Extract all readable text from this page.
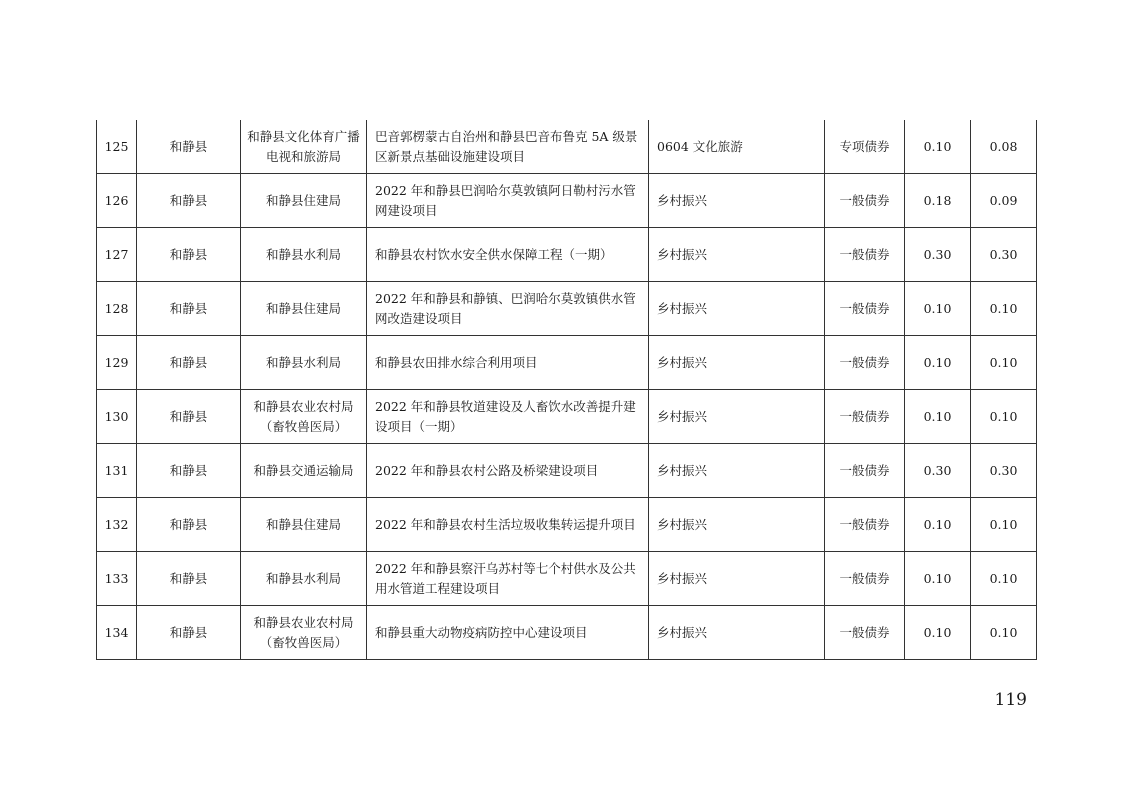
125	和静县	和静县文化体育广播电视和旅游局	巴音郭楞蒙古自治州和静县巴音布鲁克 5A 级景区新景点基础设施建设项目	0604 文化旅游	专项债券	0.10	0.08
126	和静县	和静县住建局	2022 年和静县巴润哈尔莫敦镇阿日勒村污水管网建设项目	乡村振兴	一般债券	0.18	0.09
127	和静县	和静县水利局	和静县农村饮水安全供水保障工程（一期）	乡村振兴	一般债券	0.30	0.30
128	和静县	和静县住建局	2022 年和静县和静镇、巴润哈尔莫敦镇供水管网改造建设项目	乡村振兴	一般债券	0.10	0.10
129	和静县	和静县水利局	和静县农田排水综合利用项目	乡村振兴	一般债券	0.10	0.10
130	和静县	和静县农业农村局（畜牧兽医局）	2022 年和静县牧道建设及人畜饮水改善提升建设项目（一期）	乡村振兴	一般债券	0.10	0.10
131	和静县	和静县交通运输局	2022 年和静县农村公路及桥梁建设项目	乡村振兴	一般债券	0.30	0.30
132	和静县	和静县住建局	2022 年和静县农村生活垃圾收集转运提升项目	乡村振兴	一般债券	0.10	0.10
133	和静县	和静县水利局	2022 年和静县察汗乌苏村等七个村供水及公共用水管道工程建设项目	乡村振兴	一般债券	0.10	0.10
134	和静县	和静县农业农村局（畜牧兽医局）	和静县重大动物疫病防控中心建设项目	乡村振兴	一般债券	0.10	0.10
119
